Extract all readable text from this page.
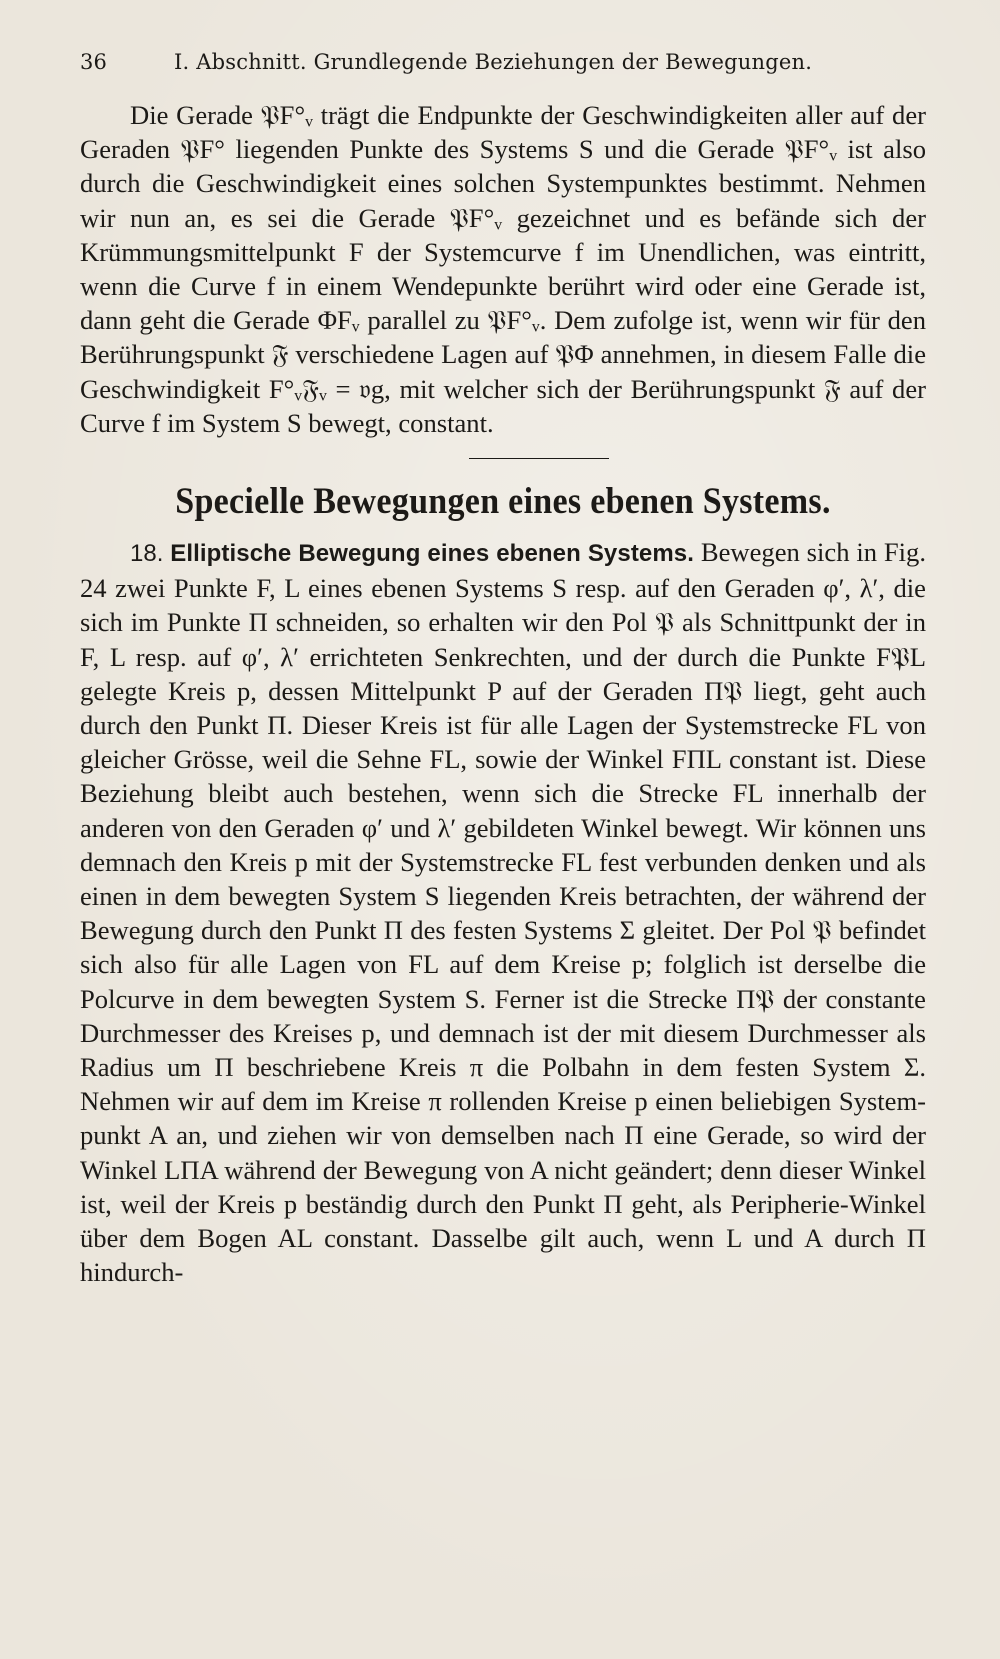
36	I. Abschnitt. Grundlegende Beziehungen der Bewegungen.

Die Gerade 𝔓F°ᵥ trägt die Endpunkte der Geschwindigkeiten aller auf der Geraden 𝔓F° liegenden Punkte des Systems S und die Gerade 𝔓F°ᵥ ist also durch die Geschwindigkeit eines solchen Systempunktes bestimmt. Nehmen wir nun an, es sei die Gerade 𝔓F°ᵥ gezeichnet und es befände sich der Krümmungsmittelpunkt F der Systemcurve f im Unendlichen, was eintritt, wenn die Curve f in einem Wendepunkte berührt wird oder eine Gerade ist, dann geht die Gerade ΦFᵥ parallel zu 𝔓F°ᵥ. Dem zufolge ist, wenn wir für den Berührungspunkt 𝔉 verschiedene Lagen auf 𝔓Φ annehmen, in diesem Falle die Geschwindigkeit F°ᵥ𝔉ᵥ = 𝔳g, mit welcher sich der Berührungspunkt 𝔉 auf der Curve f im System S bewegt, constant.

Specielle Bewegungen eines ebenen Systems.

18. Elliptische Bewegung eines ebenen Systems. Bewegen sich in Fig. 24 zwei Punkte F, L eines ebenen Systems S resp. auf den Geraden φ′, λ′, die sich im Punkte Π schneiden, so erhalten wir den Pol 𝔓 als Schnittpunkt der in F, L resp. auf φ′, λ′ errichteten Senkrechten, und der durch die Punkte F𝔓L gelegte Kreis p, dessen Mittelpunkt P auf der Geraden Π𝔓 liegt, geht auch durch den Punkt Π. Dieser Kreis ist für alle Lagen der Systemstrecke FL von gleicher Grösse, weil die Sehne FL, sowie der Winkel FΠL constant ist. Diese Beziehung bleibt auch bestehen, wenn sich die Strecke FL innerhalb der anderen von den Geraden φ′ und λ′ gebildeten Winkel bewegt. Wir können uns demnach den Kreis p mit der Systemstrecke FL fest verbunden denken und als einen in dem bewegten System S liegenden Kreis betrachten, der während der Bewegung durch den Punkt Π des festen Systems Σ gleitet. Der Pol 𝔓 befindet sich also für alle Lagen von FL auf dem Kreise p; folglich ist derselbe die Polcurve in dem bewegten System S. Ferner ist die Strecke Π𝔓 der constante Durchmesser des Kreises p, und demnach ist der mit diesem Durchmesser als Radius um Π beschriebene Kreis π die Polbahn in dem festen System Σ. Nehmen wir auf dem im Kreise π rollenden Kreise p einen beliebigen Systempunkt A an, und ziehen wir von demselben nach Π eine Gerade, so wird der Winkel LΠA während der Bewegung von A nicht geändert; denn dieser Winkel ist, weil der Kreis p beständig durch den Punkt Π geht, als Peripherie-Winkel über dem Bogen AL constant. Dasselbe gilt auch, wenn L und A durch Π hindurch-
